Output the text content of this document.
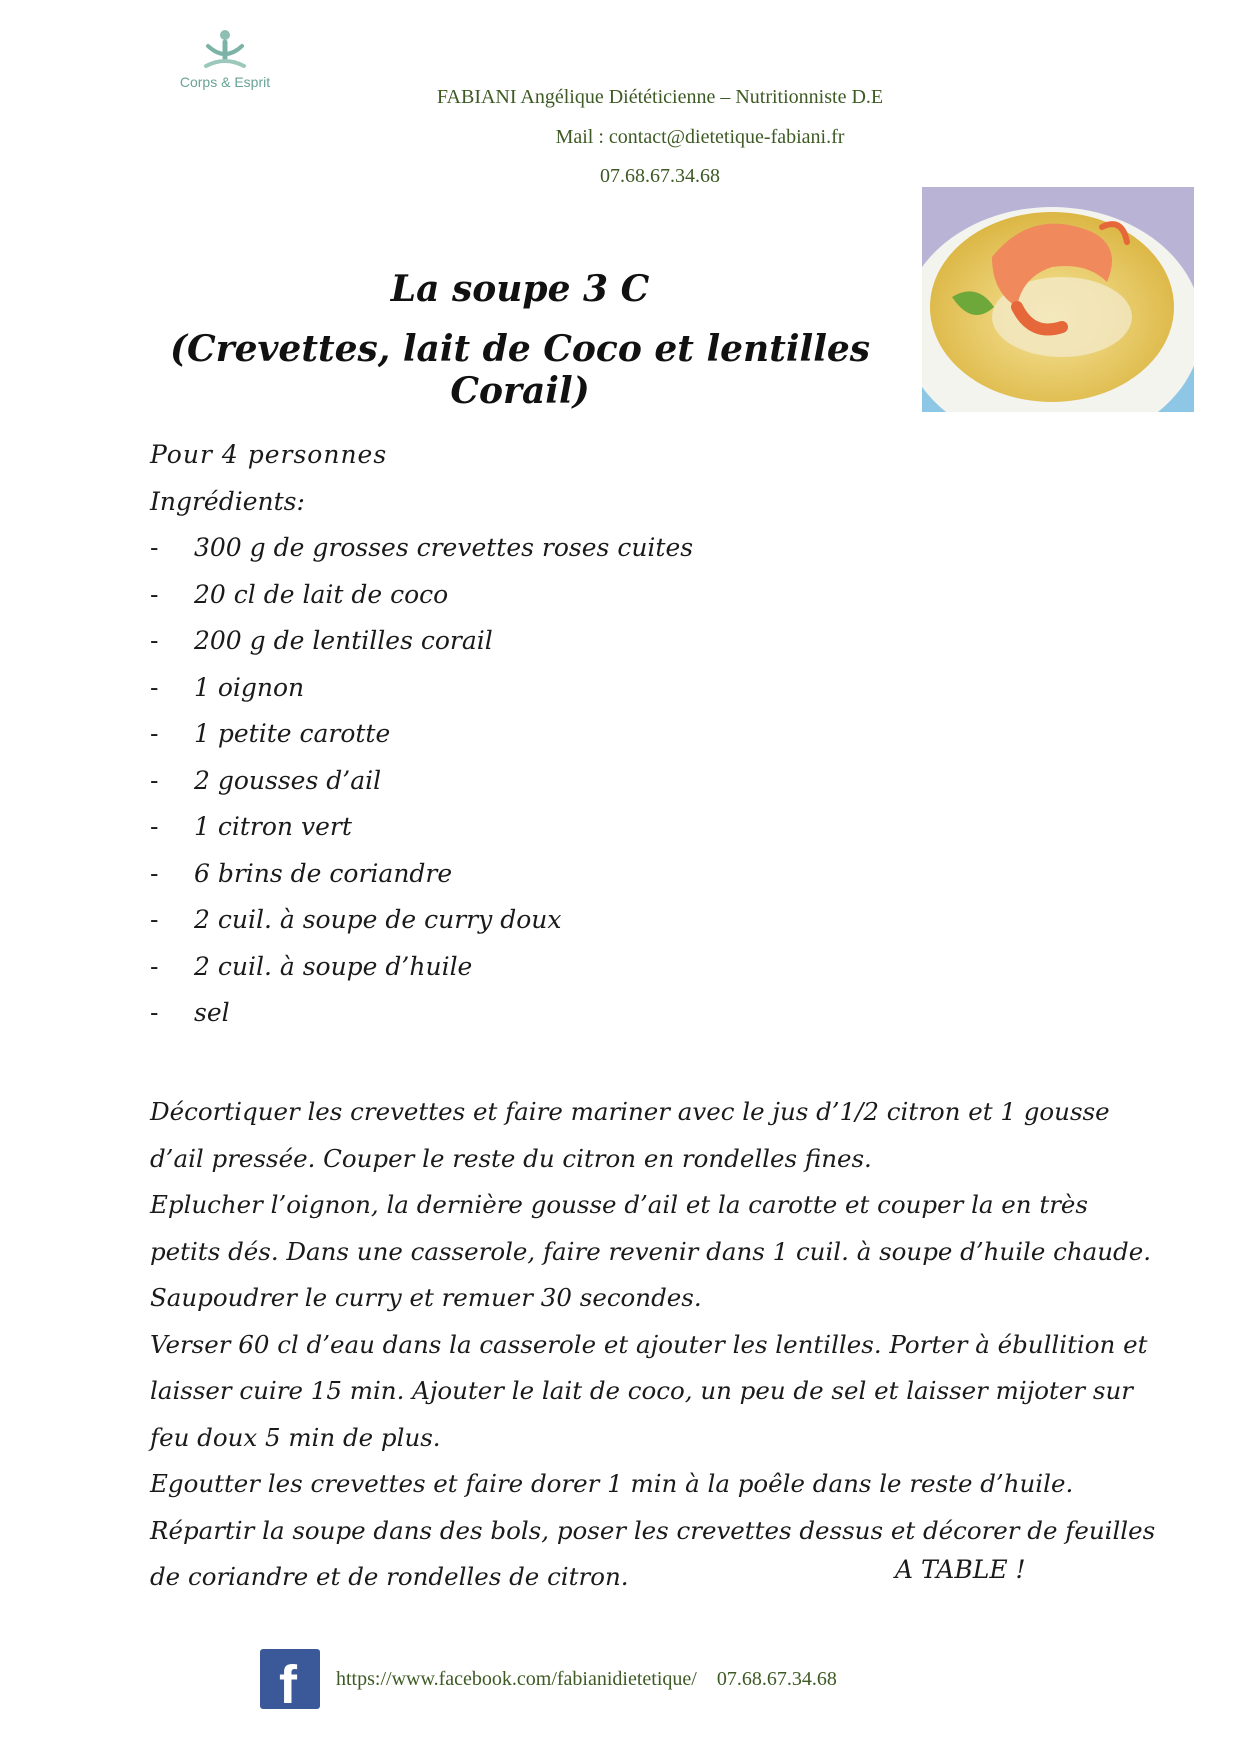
Corps & Esprit
FABIANI Angélique Diététicienne – Nutritionniste D.E
Mail : contact@dietetique-fabiani.fr
07.68.67.34.68
La soupe 3 C
(Crevettes, lait de Coco et lentilles Corail)
Pour 4 personnes
Ingrédients:
-	300 g de grosses crevettes roses cuites
-	20 cl de lait de coco
-	200 g de lentilles corail
-	1 oignon
-	1 petite carotte
-	2 gousses d’ail
-	1 citron vert
-	6 brins de coriandre
-	2 cuil. à soupe de curry doux
-	2 cuil. à soupe d’huile
-	sel

Décortiquer les crevettes et faire mariner avec le jus d’1/2 citron et 1 gousse

d’ail pressée. Couper le reste du citron en rondelles fines.

Eplucher l’oignon, la dernière gousse d’ail et la carotte et couper la en très

petits dés. Dans une casserole, faire revenir dans 1 cuil. à soupe d’huile chaude.

Saupoudrer le curry et remuer 30 secondes.

Verser 60 cl d’eau dans la casserole et ajouter les lentilles. Porter à ébullition et

laisser cuire 15 min. Ajouter le lait de coco, un peu de sel et laisser mijoter sur

feu doux 5 min de plus.

Egoutter les crevettes et faire dorer 1 min à la poêle dans le reste d’huile.

Répartir la soupe dans des bols, poser les crevettes dessus et décorer de feuilles

de coriandre et de rondelles de citron.	A TABLE !
f https://www.facebook.com/fabianidietetique/ 07.68.67.34.68
